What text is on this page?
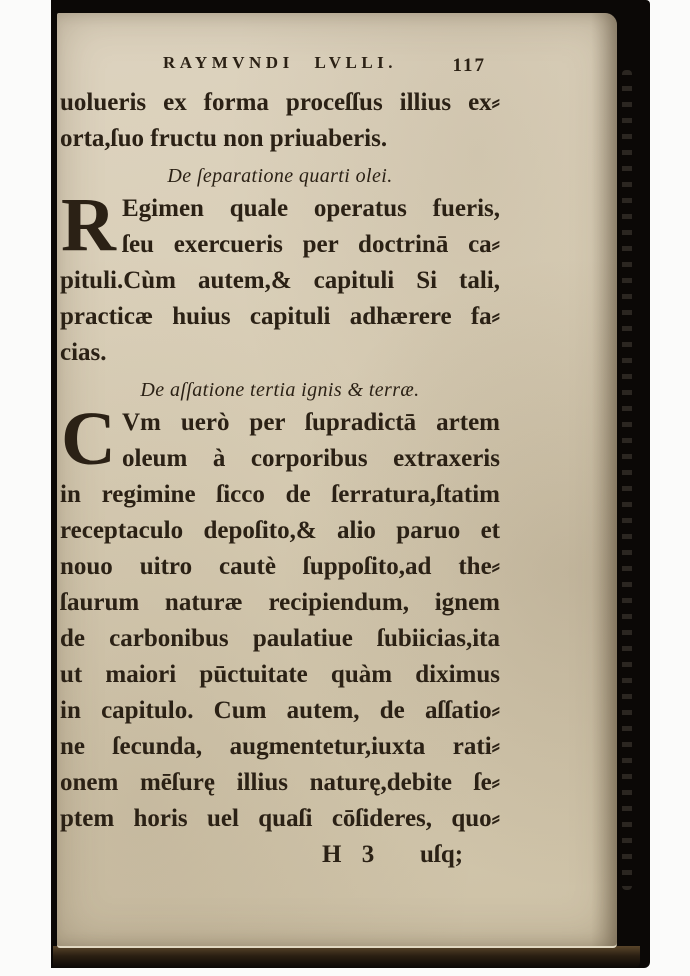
RAYMVNDI LVLLI.	117
uolueris ex forma proceſſus illius ex⸗
orta,ſuo fructu non priuaberis.
De ſeparatione quarti olei.
R Egimen quale operatus fueris,
ſeu exercueris per doctrinā ca⸗
pituli.Cùm autem,& capituli Si tali,
practicæ huius capituli adhærere fa⸗
cias.
De aſſatione tertia ignis & terræ.
C Vm uerò per ſupradictā artem
oleum à corporibus extraxeris
in regimine ſicco de ſerratura,ſtatim
receptaculo depoſito,& alio paruo et
nouo uitro cautè ſuppoſito,ad the⸗
ſaurum naturæ recipiendum, ignem
de carbonibus paulatiue ſubiicias,ita
ut maiori pūctuitate quàm diximus
in capitulo. Cum autem, de aſſatio⸗
ne ſecunda, augmentetur,iuxta rati⸗
onem mēſurę illius naturę,debite ſe⸗
ptem horis uel quaſi cōſideres, quo⸗
H 3 uſq;
